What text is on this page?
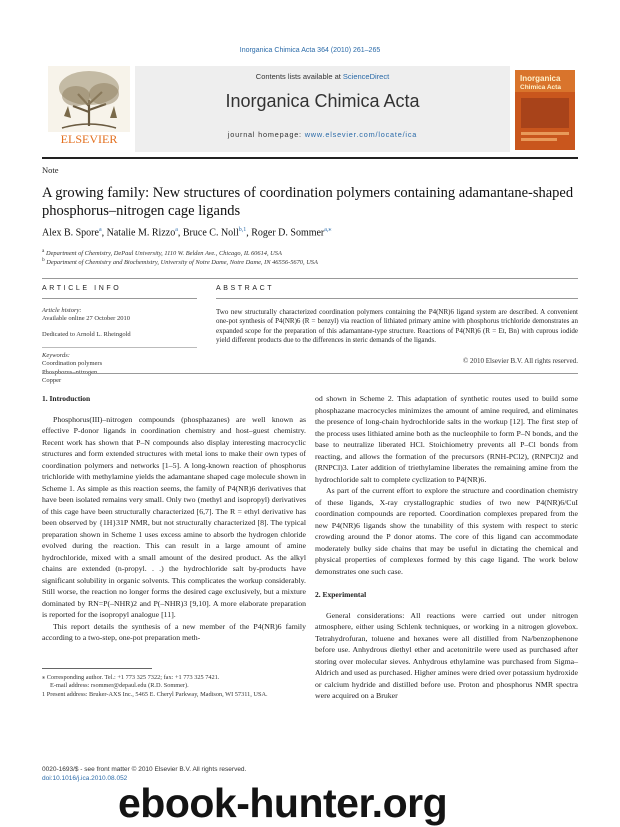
Inorganica Chimica Acta 364 (2010) 261–265
ELSEVIER
Contents lists available at ScienceDirect
Inorganica Chimica Acta
journal homepage: www.elsevier.com/locate/ica
Inorganica
Chimica Acta
Note
A growing family: New structures of coordination polymers containing adamantane-shaped phosphorus–nitrogen cage ligands
Alex B. Spore$^a$, Natalie M. Rizzo$^a$, Bruce C. Noll$^{b,1}$, Roger D. Sommer$^{a,⁎}$
$^a$ Department of Chemistry, DePaul University, 1110 W. Belden Ave., Chicago, IL 60614, USA
$^b$ Department of Chemistry and Biochemistry, University of Notre Dame, Notre Dame, IN 46556-5670, USA
ARTICLE INFO	ABSTRACT
Article history:
Available online 27 October 2010
Dedicated to Arnold L. Rheingold
Keywords:
Coordination polymers

Copper
Two new structurally characterized coordination polymers containing the P4(NR)6 ligand system are described. A convenient one-pot synthesis of P4(NR)6 (R = benzyl) via reaction of lithiated primary amine with phosphorus trichloride demonstrates an expanded scope for the preparation of this adamantane-type structure. Reactions of P4(NR)6 (R = Et, Bn) with cuprous iodide yield different products due to the differences in steric demands of the ligands.
© 2010 Elsevier B.V. All rights reserved.

1. Introduction

Phosphorus(III)–nitrogen compounds (phosphazanes) are well known as effective P-donor ligands in coordination chemistry and host–guest chemistry. Recent work has shown that P–N compounds also display interesting macrocyclic structures and form extended structures with metal ions to make their own types of coordination polymers and networks [1–5]. A long-known reaction of phosphorus trichloride with methylamine yields the adamantane shaped cage molecule shown in Scheme 1. As simple as this reaction seems, the family of P4(NR)6 derivatives that have been isolated remains very small. Only two (methyl and isopropyl) derivatives of this cage have been structurally characterized [6,7]. The R = ethyl derivative has been observed by {1H}31P NMR, but not structurally characterized [8]. The typical preparation shown in Scheme 1 uses excess amine to absorb the hydrogen chloride evolved during the reaction. This can result in a large amount of amine hydrochloride, mixed with a small amount of the desired product. As the alkyl chains are extended (n-propyl. . .) the hydrochloride salt by-products have significant solubility in organic solvents. This complicates the workup considerably. Still worse, the reaction no longer forms the desired cage exclusively, but a mixture dominated by RN=P(–NHR)2 and P(–NHR)3 [9,10]. A more elaborate preparation is reported for the isopropyl analogue [11].

This report details the synthesis of a new member of the P4(NR)6 family according to a two-step, one-pot preparation meth-

⁎ Corresponding author. Tel.: +1 773 325 7322; fax: +1 773 325 7421.
E-mail address: rsommer@depaul.edu (R.D. Sommer).
1 Present address: Bruker-AXS Inc., 5465 E. Cheryl Parkway, Madison, WI 57311, USA.
0020-1693/$ - see front matter © 2010 Elsevier B.V. All rights reserved.
doi:10.1016/j.ica.2010.08.052

od shown in Scheme 2. This adaptation of synthetic routes used to build some phosphazane macrocycles minimizes the amount of amine required, and eliminates the presence of long-chain hydrochloride salts in the workup [12]. The first step of the process uses lithiated amine both as the nucleophile to form P–N bonds, and the base to neutralize liberated HCl. Stoichiometry prevents all P–Cl bonds from reacting, and allows the formation of the precursors (RNH-PCl2), (RNPCl)2 and (RNPCl)3. Later addition of triethylamine liberates the remaining amine from the hydrochloride salt to complete cyclization to P4(NR)6.

As part of the current effort to explore the structure and coordination chemistry of these ligands, X-ray crystallographic studies of two new P4(NR)6/CuI coordination compounds are reported. Coordination complexes prepared from the new P4(NR)6 ligands show the tunability of this system with respect to steric crowding around the P donor atoms. The core of this ligand can accommodate moderately bulky side chains that may be useful in dictating the chemical and physical properties of complexes formed by this cage ligand. The work below demonstrates one such case.

2. Experimental

General considerations: All reactions were carried out under nitrogen atmosphere, either using Schlenk techniques, or working in a nitrogen glovebox. Tetrahydrofuran, toluene and hexanes were all distilled from Na/benzophenone before use. Anhydrous diethyl ether and acetonitrile were used as purchased after storing over molecular sieves. Anhydrous ethylamine was purchased from Sigma–Aldrich and used as purchased. Higher amines were dried over potassium hydroxide or calcium hydride and distilled before use. Proton and phosphorus NMR spectra were acquired on a Bruker

ebook-hunter.org
